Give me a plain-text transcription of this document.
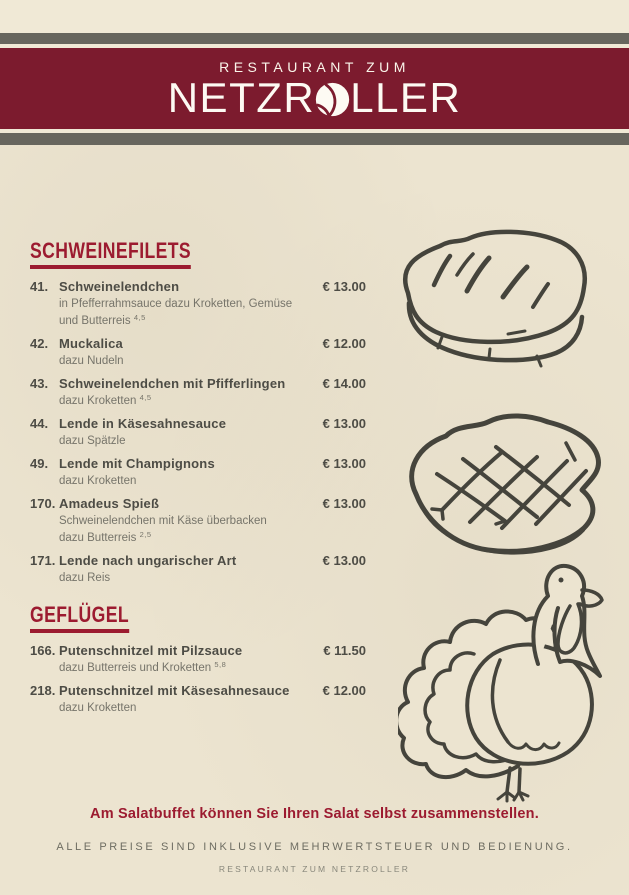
RESTAURANT ZUM
NETZR LLER
SCHWEINEFILETS
41. Schweinelendchen
in Pfefferrahmsauce dazu Kroketten, Gemüse
und Butterreis $^{4,5}$
€ 13.00
42. Muckalica
dazu Nudeln
€ 12.00
43. Schweinelendchen mit Pfifferlingen
dazu Kroketten $^{4,5}$
€ 14.00
44. Lende in Käsesahnesauce
dazu Spätzle
€ 13.00
49. Lende mit Champignons
dazu Kroketten
€ 13.00
170. Amadeus Spieß
Schweinelendchen mit Käse überbacken
dazu Butterreis $^{2,5}$
€ 13.00
171. Lende nach ungarischer Art
dazu Reis
€ 13.00
GEFLÜGEL
166. Putenschnitzel mit Pilzsauce
dazu Butterreis und Kroketten $^{5,8}$
€ 11.50
218. Putenschnitzel mit Käsesahnesauce
dazu Kroketten
€ 12.00
Am Salatbuffet können Sie Ihren Salat selbst zusammenstellen.
ALLE PREISE SIND INKLUSIVE MEHRWERTSTEUER UND BEDIENUNG.
RESTAURANT ZUM NETZROLLER
